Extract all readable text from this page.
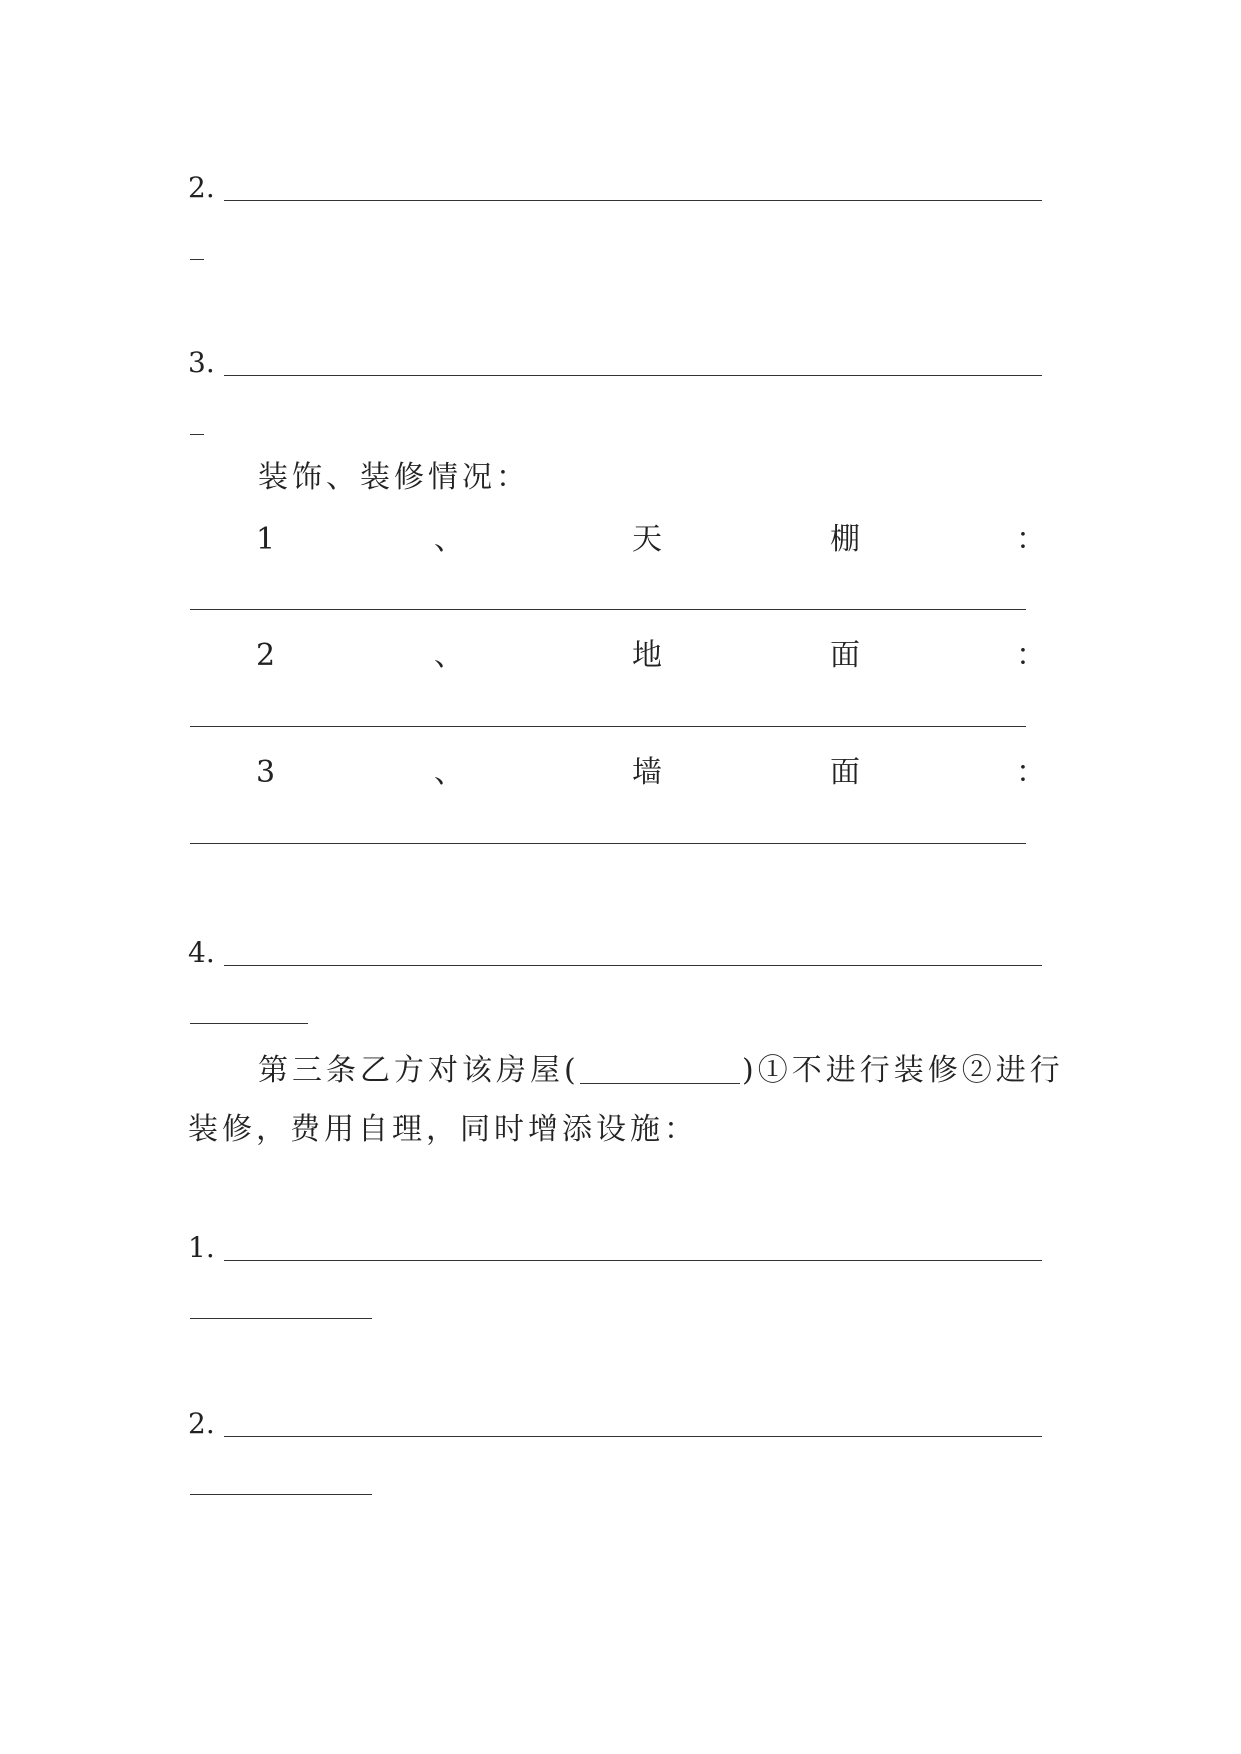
2.
3.
装饰、装修情况：
1	、	天	棚	：
2	、	地	面	：
3	、	墙	面	：
4.
第三条乙方对该房屋(	)①不进行装修②进行
装修，费用自理，同时增添设施：
1.
2.
